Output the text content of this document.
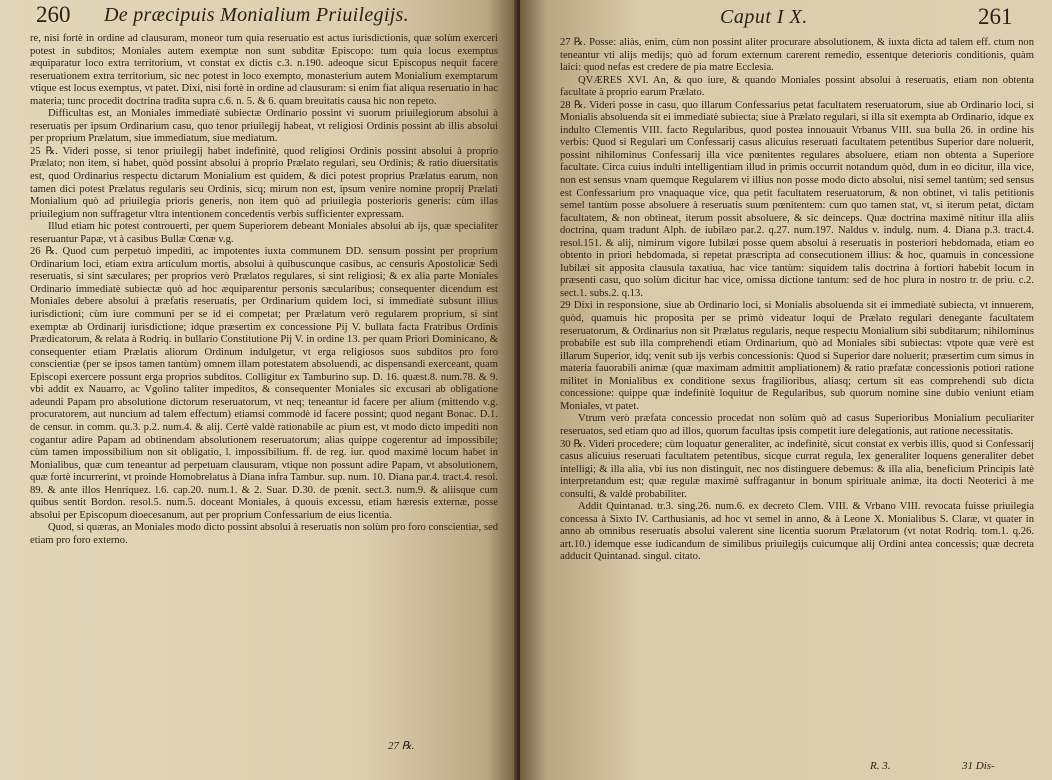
260 De præcipuis Monialium Priuilegijs.

re, nisi fortè in ordine ad clausuram, moneor tum quia reseruatio est actus iurisdictionis, quæ solùm exerceri potest in subditos; Moniales autem exemptæ non sunt subditæ Episcopo: tum quia locus exemptus æquiparatur loco extra territorium, vt constat ex dictis c.3. n.190. adeoque sicut Episcopus nequit facere reseruationem extra territorium, sic nec potest in loco exempto, monasterium autem Monialium exemptarum vtique est locus exemptus, vt patet. Dixi, nisi fortè in ordine ad clausuram: si enim fiat aliqua reseruatio in hac materia; tunc procedit doctrina tradita supra c.6. n. 5. & 6. quam breuitatis causa hic non repeto.

Difficultas est, an Moniales immediatè subiectæ Ordinario possint vi suorum priuilegiorum absolui à reseruatis per ipsum Ordinarium casu, quo tenor priuilegij habeat, vt religiosi Ordinis possint ab illis absolui per proprium Prælatum, siue immediatum, siue mediatum.

25 ℞. Videri posse, si tenor priuilegij habet indefinitè, quod religiosi Ordinis possint absolui à proprio Prælato; non item, si habet, quòd possint absolui à proprio Prælato regulari, seu Ordinis; & ratio diuersitatis est, quod Ordinarius respectu dictarum Monialium est quidem, & dici potest proprius Prælatus earum, non tamen dici potest Prælatus regularis seu Ordinis, sicq; mirum non est, ipsum venire nomine proprij Prælati Monialium quò ad priuilegia prioris generis, non item quò ad priuilegia posterioris generis: cùm illas priuilegium non suffragetur vltra intentionem concedentis verbis sufficienter expressam.

Illud etiam hic potest controuerti, per quem Superiorem debeant Moniales absolui ab ijs, quæ specialiter reseruantur Papæ, vt à casibus Bullæ Cœnæ v.g.

26 ℞. Quod cum perpetuò impediti, ac impotentes iuxta communem DD. sensum possint per proprium Ordinarium loci, etiam extra articulum mortis, absolui à quibuscunque casibus, ac censuris Apostolicæ Sedi reseruatis, si sint sæculares; per proprios verò Prælatos regulares, si sint religiosi; & ex alia parte Moniales Ordinario immediatè subiectæ quò ad hoc æquiparentur personis sæcularibus; consequenter dicendum est Moniales debere absolui à præfatis reseruatis, per Ordinarium quidem loci, si immediatè subsunt illius iurisdictioni; cùm iure communi per se id ei competat; per Prælatum verò regularem proprium, si sint exemptæ ab Ordinarij iurisdictione; idque præsertim ex concessione Pij V. bullata facta Fratribus Ordinis Prædicatorum, & relata à Rodriq. in bullario Constitutione Pij V. in ordine 13. per quam Priori Dominicano, & consequenter etiam Prælatis aliorum Ordinum indulgetur, vt erga religiosos suos subditos pro foro conscientiæ (per se ipsos tamen tantùm) omnem illam potestatem absoluendi, ac dispensandi exerceant, quam Episcopi exercere possunt erga proprios subditos. Colligitur ex Tamburino sup. D. 16. quæst.8. num.78. & 9. vbi addit ex Nauarro, ac Vgolino taliter impeditos, & consequenter Moniales sic excusari ab obligatione adeundi Papam pro absolutione dictorum reseruatorum, vt neq; teneantur id facere per alium (mittendo v.g. procuratorem, aut nuncium ad talem effectum) etiamsi commodè id facere possint; quod negant Bonac. D.1. de censur. in comm. qu.3. p.2. num.4. & alij. Certè valdè rationabile ac pium est, vt modo dicto impediti non cogantur adire Papam ad obtinendam absolutionem reseruatorum; alias quippe cogerentur ad impossibile; cùm tamen impossibilium non sit obligatio, l. impossibilium. ff. de reg. iur. quod maximè locum habet in Monialibus, quæ cum teneantur ad perpetuam clausuram, vtique non possunt adire Papam, vt absolutionem, quæ fortè incurrerint, vt proinde Homobrelatus à Diana infra Tambur. sup. num. 10. Diana par.4. tract.4. resol. 89. & ante illos Henriquez. l.6. cap.20. num.1. & 2. Suar. D.30. de pœnit. sect.3. num.9. & aliisque cum quibus sentit Bordon. resol.5. num.5. doceant Moniales, à quouis excessu, etiam hæresis externæ, posse absolui per Episcopum dioecesanum, aut per proprium Confessarium de eius licentia.

Quod, si quæras, an Moniales modo dicto possint absolui à reseruatis non solùm pro foro conscientiæ, sed etiam pro foro externo.

27 ℞.
Caput I X.	261

27 ℞. Posse: aliàs, enim, cùm non possint aliter procurare absolutionem, & iuxta dicta ad talem eff. ctum non teneantur vti alijs medijs; quò ad forum externum carerent remedio, essentque deterioris conditionis, quàm laici: quod nefas est credere de pia matre Ecclesia.

QVÆRES XVI. An, & quo iure, & quando Moniales possint absolui à reseruatis, etiam non obtenta facultate à proprio earum Prælato.

28 ℞. Videri posse in casu, quo illarum Confessarius petat facultatem reseruatorum, siue ab Ordinario loci, si Monialis absoluenda sit ei immediatè subiecta; siue à Prælato regulari, si illa sit exempta ab Ordinario, idque ex indulto Clementis VIII. facto Regularibus, quod postea innouauit Vrbanus VIII. sua bulla 26. in ordine his verbis: Quod si Regulari um Confessarij casus alicuius reseruati facultatem petentibus Superior dare noluerit, possint nihilominus Confessarij illa vice pœnitentes regulares absoluere, etiam non obtenta a Superiore facultate. Circa cuius indulti intelligentiam illud in primis occurrit notandum quòd, dum in eo dicitur, illa vice, non est sensus vnam quemque Regularem vi illius non posse modo dicto absolui, nisi semel tantùm; sed sensus est Confessarium pro vnaquaque vice, qua petit facultatem reseruatorum, & non obtinet, vi talis petitionis semel tantùm posse absoluere à reseruatis suum pœnitentem: cum quo tamen stat, vt, si iterum petat, dictam facultatem, & non obtineat, iterum possit absoluere, & sic deinceps. Quæ doctrina maximè nititur illa aliis doctrina, quam tradunt Alph. de iubilæo par.2. q.27. num.197. Naldus v. indulg. num. 4. Diana p.3. tract.4. resol.151. & alij, nimirum vigore Iubilæi posse quem absolui à reseruatis in posteriori hebdomada, etiam eo obtento in priori hebdomada, si repetat præscripta ad consecutionem illius: & hoc, quamuis in concessione Iubilæi sit apposita clausula taxatiua, hac vice tantùm: siquidem talis doctrina à fortiori habebit locum in præsenti casu, quo solùm dicitur hac vice, omissa dictione tantum: sed de hoc plura in nostro tr. de priu. c.2. sect.1. subs.2. q.13.

29 Dixi in responsione, siue ab Ordinario loci, si Monialis absoluenda sit ei immediatè subiecta, vt innuerem, quòd, quamuis hic proposita per se primò videatur loqui de Prælato regulari denegante facultatem reseruatorum, & Ordinarius non sit Prælatus regularis, neque respectu Monialium sibi subditarum; nihilominus probabile est sub illa comprehendi etiam Ordinarium, quò ad Moniales sibi subiectas: vtpote quæ verè est illarum Superior, idq; venit sub ijs verbis concessionis: Quod si Superior dare noluerit; præsertim cum simus in materia fauorabili animæ (quæ maximam admittit ampliationem) & ratio præfatæ concessionis potiori ratione militet in Monialibus ex conditione sexus fragilioribus, aliasq; certum sit eas comprehendi sub dicta concessione: quippe quæ indefinitè loquitur de Regularibus, sub quorum nomine sine dubio veniunt etiam Moniales, vt patet.

Vtrum verò præfata concessio procedat non solùm quò ad casus Superioribus Monialium peculiariter reseruatos, sed etiam quo ad illos, quorum facultas ipsis competit iure delegationis, aut ratione necessitatis.

30 ℞. Videri procedere; cùm loquatur generaliter, ac indefinitè, sicut constat ex verbis illis, quod si Confessarij casus alicuius reseruati facultatem petentibus, sicque currat regula, lex generaliter loquens generaliter debet intelligi; & illa alia, vbi ius non distinguit, nec nos distinguere debemus: & illa alia, beneficium Principis latè interpretandum est; quæ regulæ maximè suffragantur in bonum spirituale animæ, ita docti Neoterici à me consulti, & valdè probabiliter.

Addit Quintanad. tr.3. sing.26. num.6. ex decreto Clem. VIII. & Vrbano VIII. revocata fuisse priuilegia concessa à Sixto IV. Carthusianis, ad hoc vt semel in anno, & à Leone X. Monialibus S. Claræ, vt quater in anno ab omnibus reseruatis absolui valerent sine licentia suorum Prælatorum (vt notat Rodriq. tom.1. q.26. art.10.) idemque esse iudicandum de similibus priuilegijs cuicumque alij Ordini antea concessis; quæ decreta adducit Quintanad. singul. citato.

R. 3.	31 Dis-
